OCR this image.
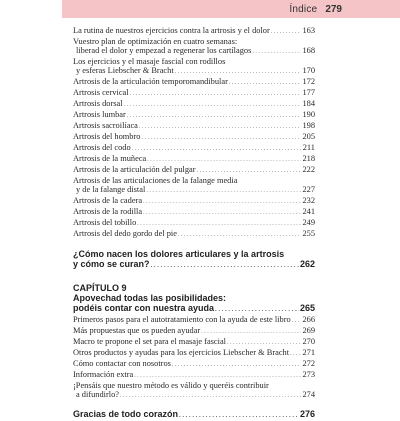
Índice 279
La rutina de nuestros ejercicios contra la artrosis y el dolor . . .	163
Vuestro plan de optimización en cuatro semanas:
liberad el dolor y empezad a regenerar los cartílagos . . .	168
Los ejercicios y el masaje fascial con rodillos
y esferas Liebscher & Bracht . . .	170
Artrosis de la articulación temporomandibular . . .	172
Artrosis cervical . . .	177
Artrosis dorsal . . .	184
Artrosis lumbar . . .	190
Artrosis sacroilíaca . . .	198
Artrosis del hombro . . .	205
Artrosis del codo . . .	211
Artrosis de la muñeca . . .	218
Artrosis de la articulación del pulgar . . .	222
Artrosis de las articulaciones de la falange media
y de la falange distal . . .	227
Artrosis de la cadera . . .	232
Artrosis de la rodilla . . .	241
Artrosis del tobillo . . .	249
Artrosis del dedo gordo del pie . . .	255
¿Cómo nacen los dolores articulares y la artrosis
y cómo se curan? . . .	262
CAPÍTULO 9
Apovechad todas las posibilidades:
podéis contar con nuestra ayuda . . .	265
Primeros pasos para el autotratamiento con la ayuda de este libro . . . 266
Más propuestas que os pueden ayudar . . .	269
Macro te propone el set para el masaje fascial . . .	270
Otros productos y ayudas para los ejercicios Liebscher & Bracht . . . 271
Cómo contactar con nosotros . . .	272
Información extra . . .	273
¡Pensáis que nuestro método es válido y queréis contribuir
a difundirlo? . . .	274
Gracias de todo corazón . . .	276
